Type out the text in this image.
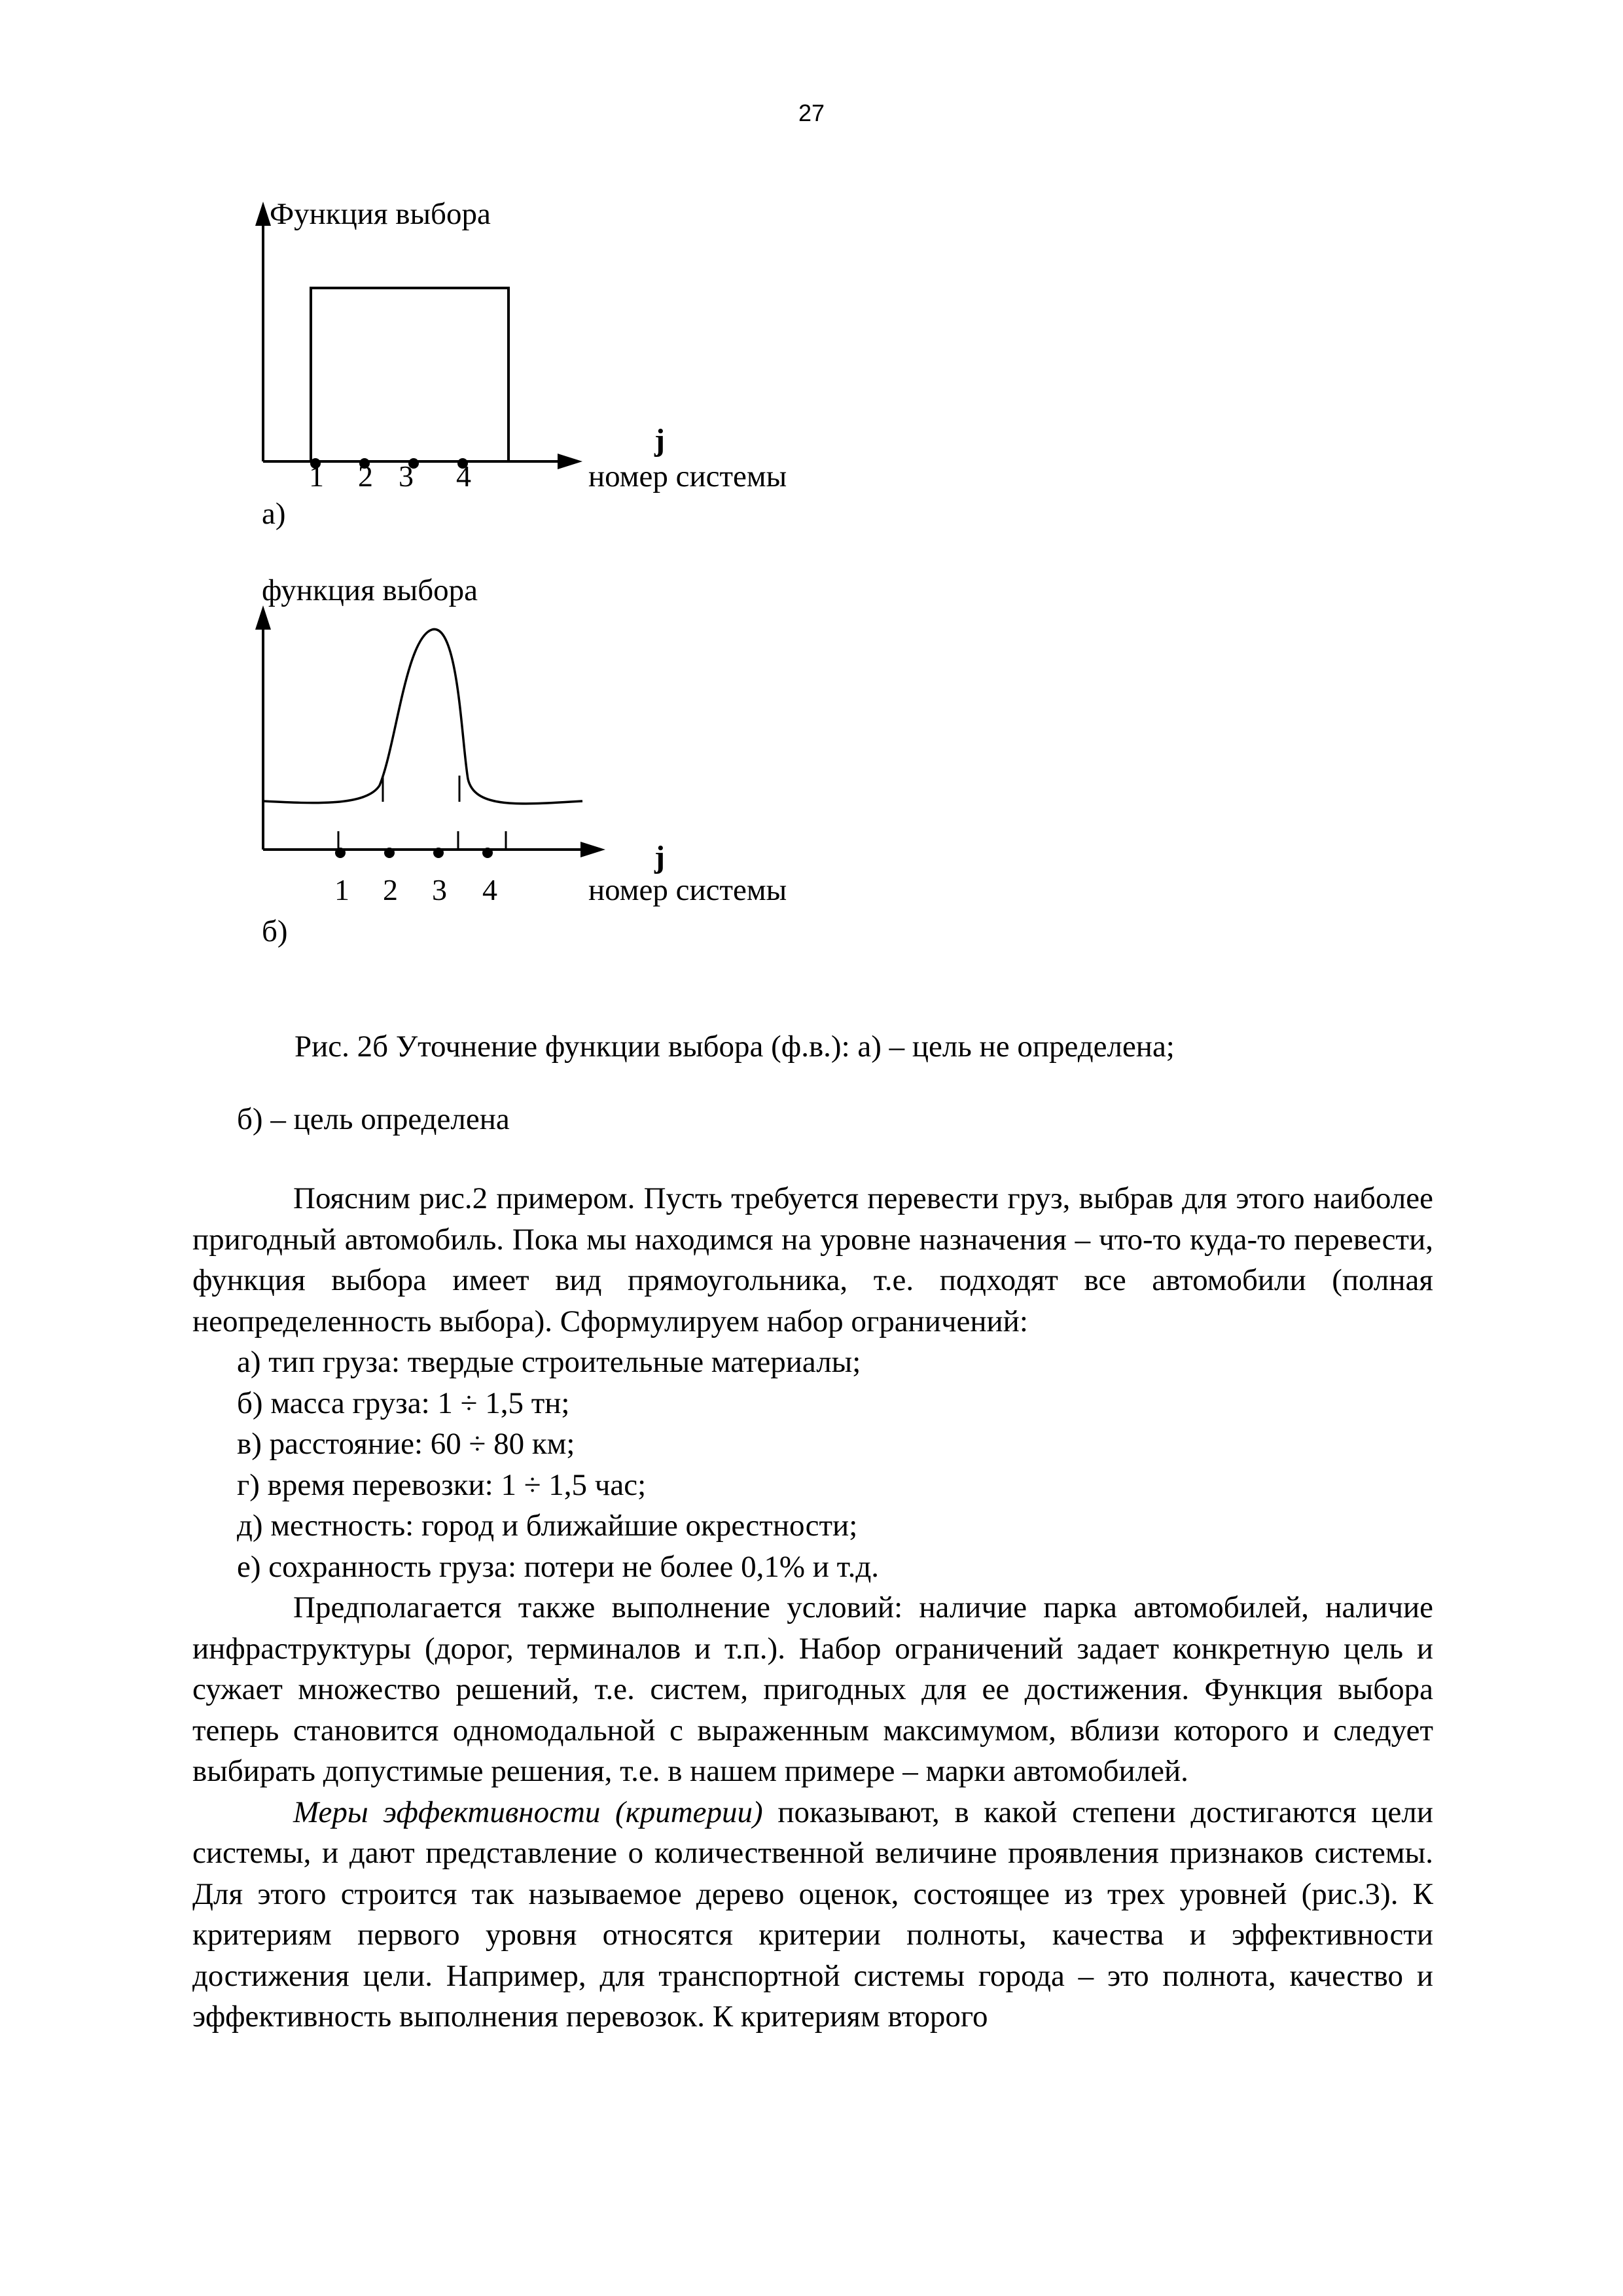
27
Функция выбора
j
1 2 3 4	номер системы
а)
функция выбора
j
1 2 3 4	номер системы
б)
Рис. 2б Уточнение функции выбора (ф.в.): а) – цель не определена;
б) – цель определена

Поясним рис.2 примером. Пусть требуется перевести груз, выбрав для этого наиболее пригодный автомобиль. Пока мы находимся на уровне назначения – что-то куда-то перевести, функция выбора имеет вид прямоугольника, т.е. подходят все автомобили (полная неопределенность выбора). Сформулируем набор ограничений:

а) тип груза: твердые строительные материалы;

б) масса груза: 1 ÷ 1,5 тн;

в) расстояние: 60 ÷ 80 км;

г) время перевозки: 1 ÷ 1,5 час;

д) местность: город и ближайшие окрестности;

е) сохранность груза: потери не более 0,1% и т.д.

Предполагается также выполнение условий: наличие парка автомобилей, наличие инфраструктуры (дорог, терминалов и т.п.). Набор ограничений задает конкретную цель и сужает множество решений, т.е. систем, пригодных для ее достижения. Функция выбора теперь становится одномодальной с выраженным максимумом, вблизи которого и следует выбирать допустимые решения, т.е. в нашем примере – марки автомобилей.

Меры эффективности (критерии) показывают, в какой степени достигаются цели системы, и дают представление о количественной величине проявления признаков системы. Для этого строится так называемое дерево оценок, состоящее из трех уровней (рис.3). К критериям первого уровня относятся критерии полноты, качества и эффективности достижения цели. Например, для транспортной системы города – это полнота, качество и эффективность выполнения перевозок. К критериям второго
